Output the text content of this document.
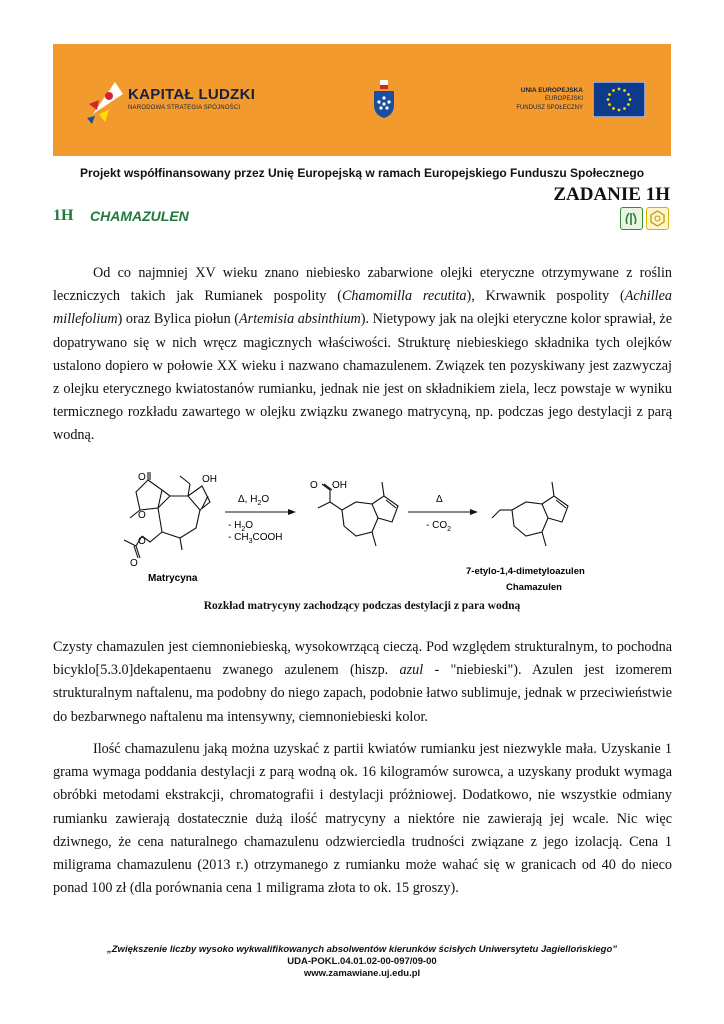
KAPITAŁ LUDZKI
NARODOWA STRATEGIA SPÓJNOŚCI
UNIA EUROPEJSKA
EUROPEJSKI
FUNDUSZ SPOŁECZNY
Projekt współfinansowany przez Unię Europejską w ramach Europejskiego Funduszu Społecznego
ZADANIE 1H
1H CHAMAZULEN

Od co najmniej XV wieku znano niebiesko zabarwione olejki eteryczne otrzymywane z roślin leczniczych takich jak Rumianek pospolity (Chamomilla recutita), Krwawnik pospolity (Achillea millefolium) oraz Bylica piołun (Artemisia absinthium). Nietypowy jak na olejki eteryczne kolor sprawiał, że dopatrywano się w nich wręcz magicznych właściwości. Strukturę niebieskiego składnika tych olejków ustalono dopiero w połowie XX wieku i nazwano chamazulenem. Związek ten pozyskiwany jest zazwyczaj z olejku eterycznego kwiatostanów rumianku, jednak nie jest on składnikiem ziela, lecz powstaje w wyniku termicznego rozkładu zawartego w olejku związku zwanego matrycyną, np. podczas jego destylacji z parą wodną.

O
O
OH
O
O
Matrycyna
Δ, $H_2O$
- $H_2O$
- $CH_3COOH$
O OH
Δ
- $CO_2$
7-etylo-1,4-dimetyloazulen
Chamazulen
Rozkład matrycyny zachodzący podczas destylacji z para wodną

Czysty chamazulen jest ciemnoniebieską, wysokowrzącą cieczą. Pod względem strukturalnym, to pochodna bicyklo[5.3.0]dekapentaenu zwanego azulenem (hiszp. azul - "niebieski"). Azulen jest izomerem strukturalnym naftalenu, ma podobny do niego zapach, podobnie łatwo sublimuje, jednak w przeciwieństwie do bezbarwnego naftalenu ma intensywny, ciemnoniebieski kolor.

Ilość chamazulenu jaką można uzyskać z partii kwiatów rumianku jest niezwykle mała. Uzyskanie 1 grama wymaga poddania destylacji z parą wodną ok. 16 kilogramów surowca, a uzyskany produkt wymaga obróbki metodami ekstrakcji, chromatografii i destylacji próżniowej. Dodatkowo, nie wszystkie odmiany rumianku zawierają dostatecznie dużą ilość matrycyny a niektóre nie zawierają jej wcale. Nic więc dziwnego, że cena naturalnego chamazulenu odzwierciedla trudności związane z jego izolacją. Cena 1 miligrama chamazulenu (2013 r.) otrzymanego z rumianku może wahać się w granicach od 40 do nieco ponad 100 zł (dla porównania cena 1 miligrama złota to ok. 15 groszy).

„Zwiększenie liczby wysoko wykwalifikowanych absolwentów kierunków ścisłych Uniwersytetu Jagiellońskiego”
UDA-POKL.04.01.02-00-097/09-00
www.zamawiane.uj.edu.pl
